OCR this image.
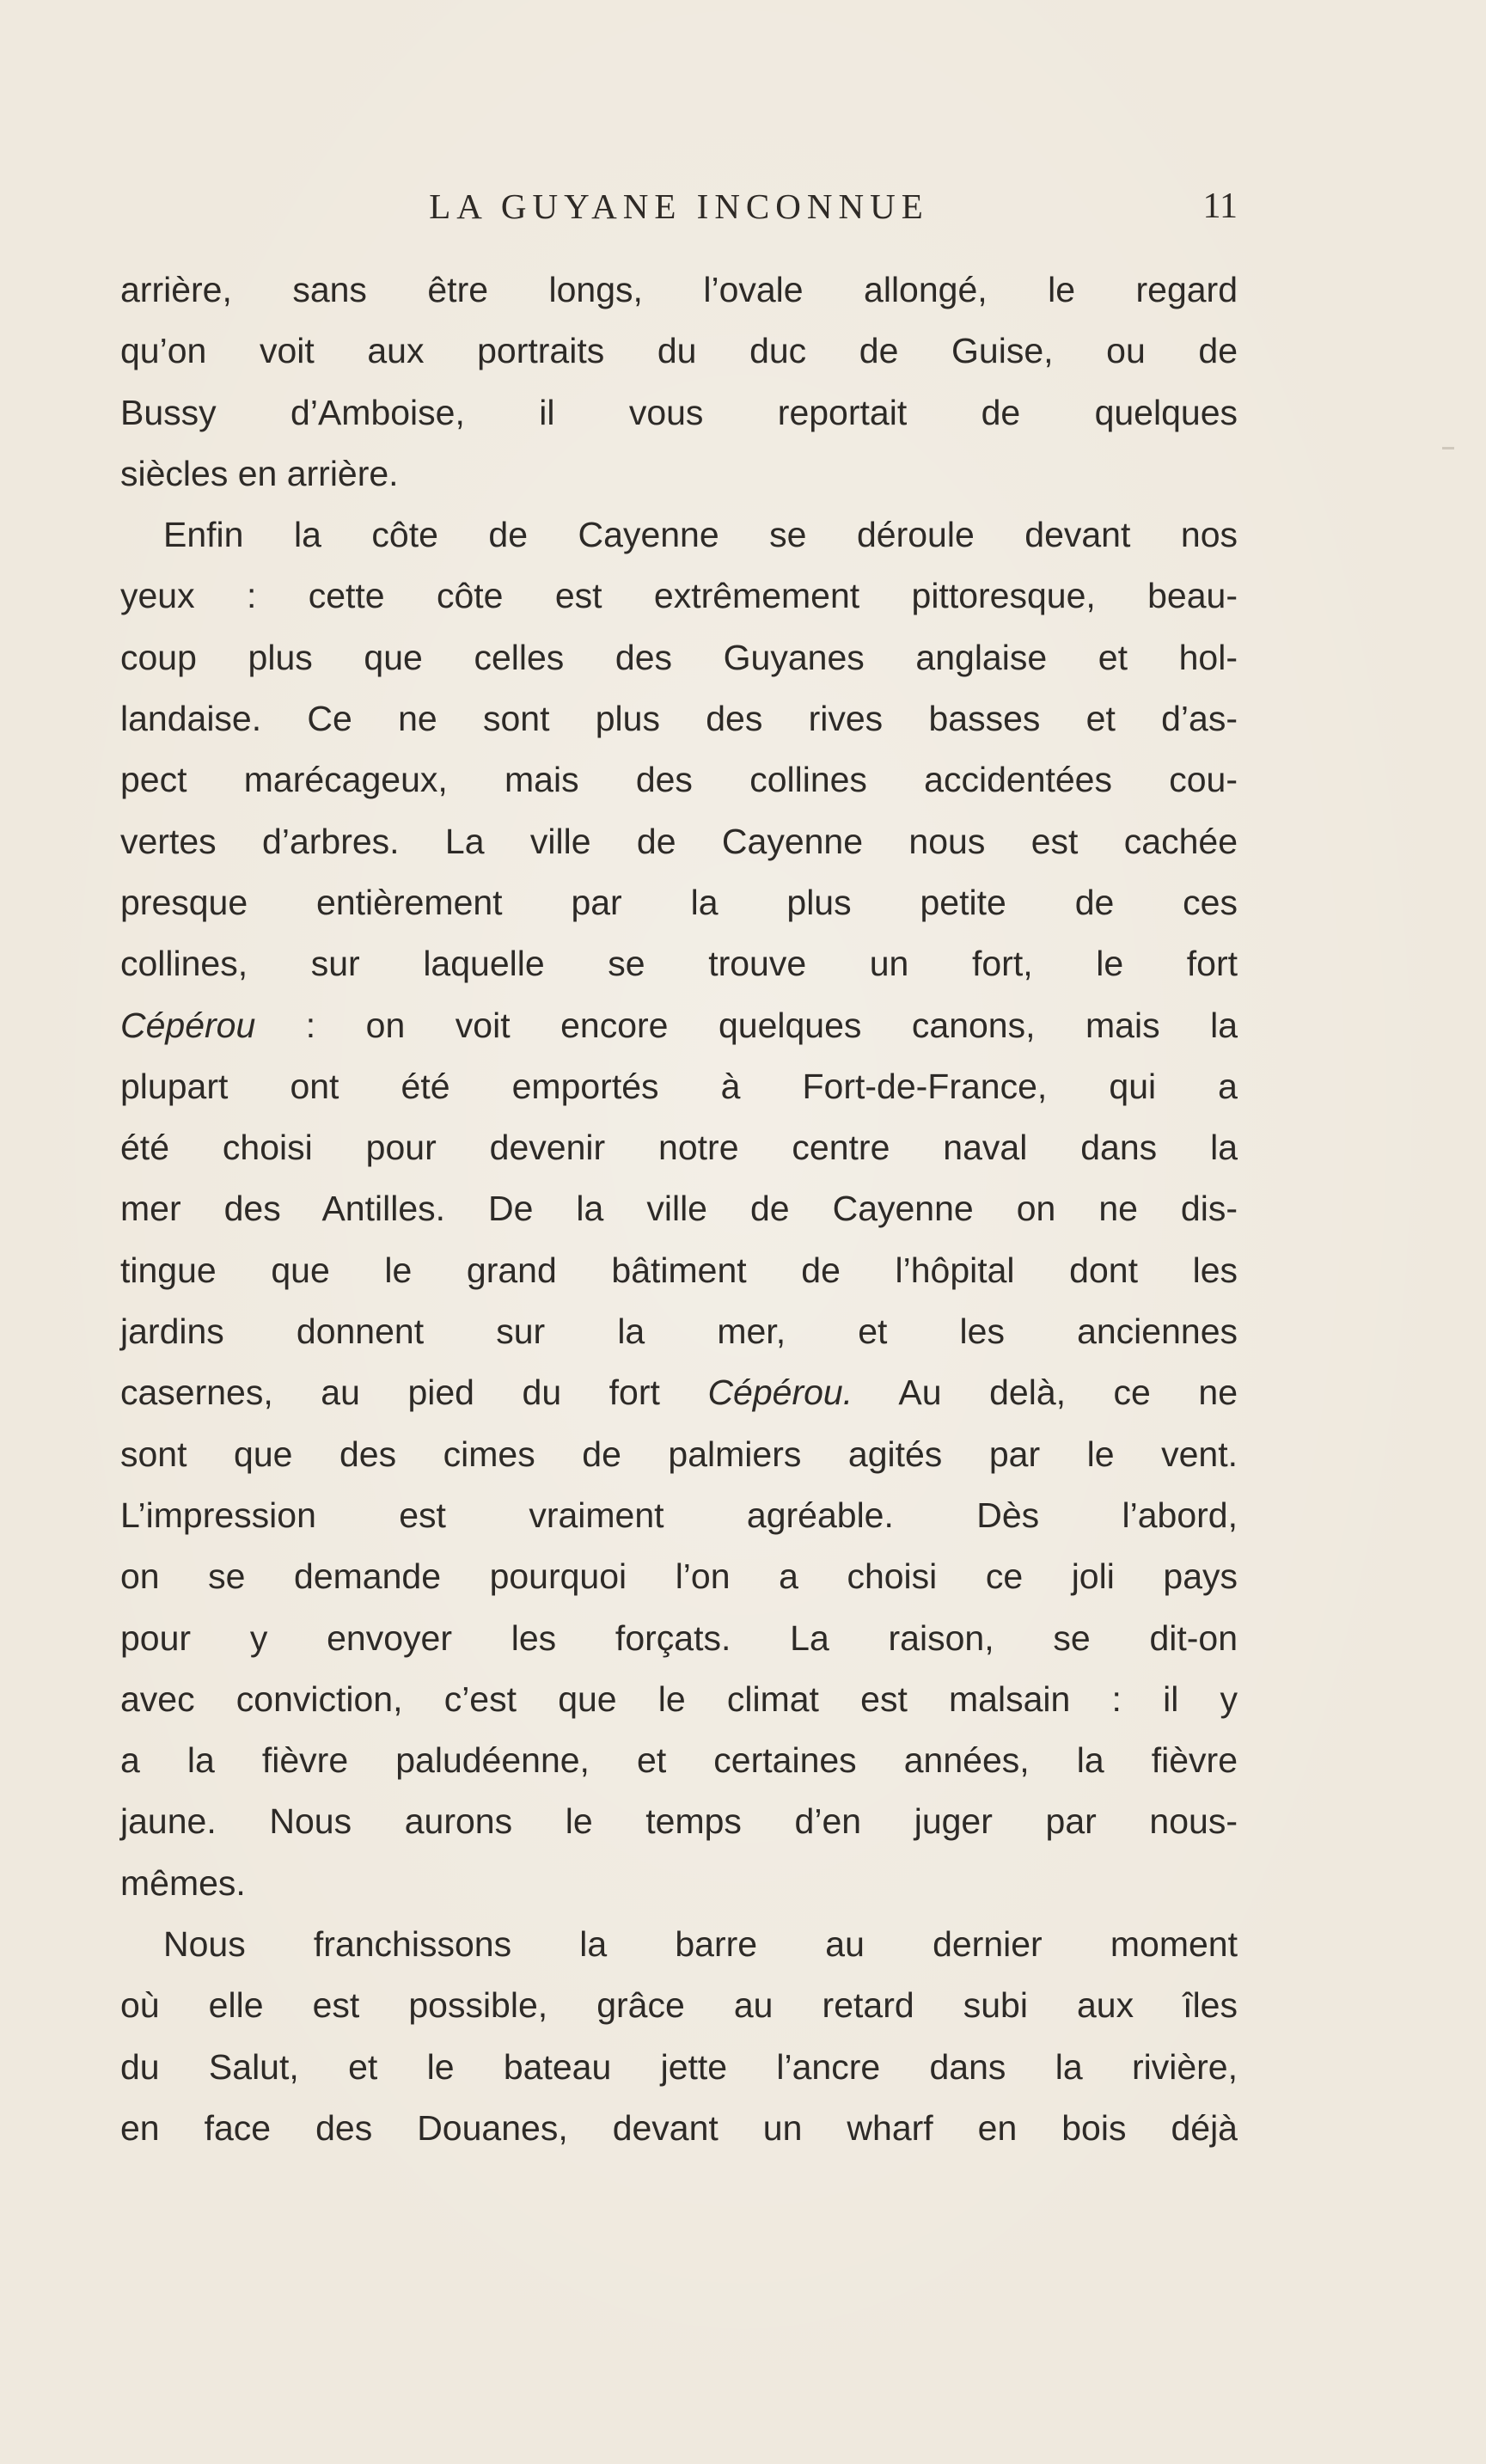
LA GUYANE INCONNUE	11
arrière, sans être longs, l’ovale allongé, le regard
qu’on voit aux portraits du duc de Guise, ou de
Bussy d’Amboise, il vous reportait de quelques
siècles en arrière.
Enfin la côte de Cayenne se déroule devant nos
yeux : cette côte est extrêmement pittoresque, beau-
coup plus que celles des Guyanes anglaise et hol-
landaise. Ce ne sont plus des rives basses et d’as-
pect marécageux, mais des collines accidentées cou-
vertes d’arbres. La ville de Cayenne nous est cachée
presque entièrement par la plus petite de ces
collines, sur laquelle se trouve un fort, le fort
Cépérou : on voit encore quelques canons, mais la
plupart ont été emportés à Fort-de-France, qui a
été choisi pour devenir notre centre naval dans la
mer des Antilles. De la ville de Cayenne on ne dis-
tingue que le grand bâtiment de l’hôpital dont les
jardins donnent sur la mer, et les anciennes
casernes, au pied du fort Cépérou. Au delà, ce ne
sont que des cimes de palmiers agités par le vent.
L’impression est vraiment agréable. Dès l’abord,
on se demande pourquoi l’on a choisi ce joli pays
pour y envoyer les forçats. La raison, se dit-on
avec conviction, c’est que le climat est malsain : il y
a la fièvre paludéenne, et certaines années, la fièvre
jaune. Nous aurons le temps d’en juger par nous-
mêmes.
Nous franchissons la barre au dernier moment
où elle est possible, grâce au retard subi aux îles
du Salut, et le bateau jette l’ancre dans la rivière,
en face des Douanes, devant un wharf en bois déjà
